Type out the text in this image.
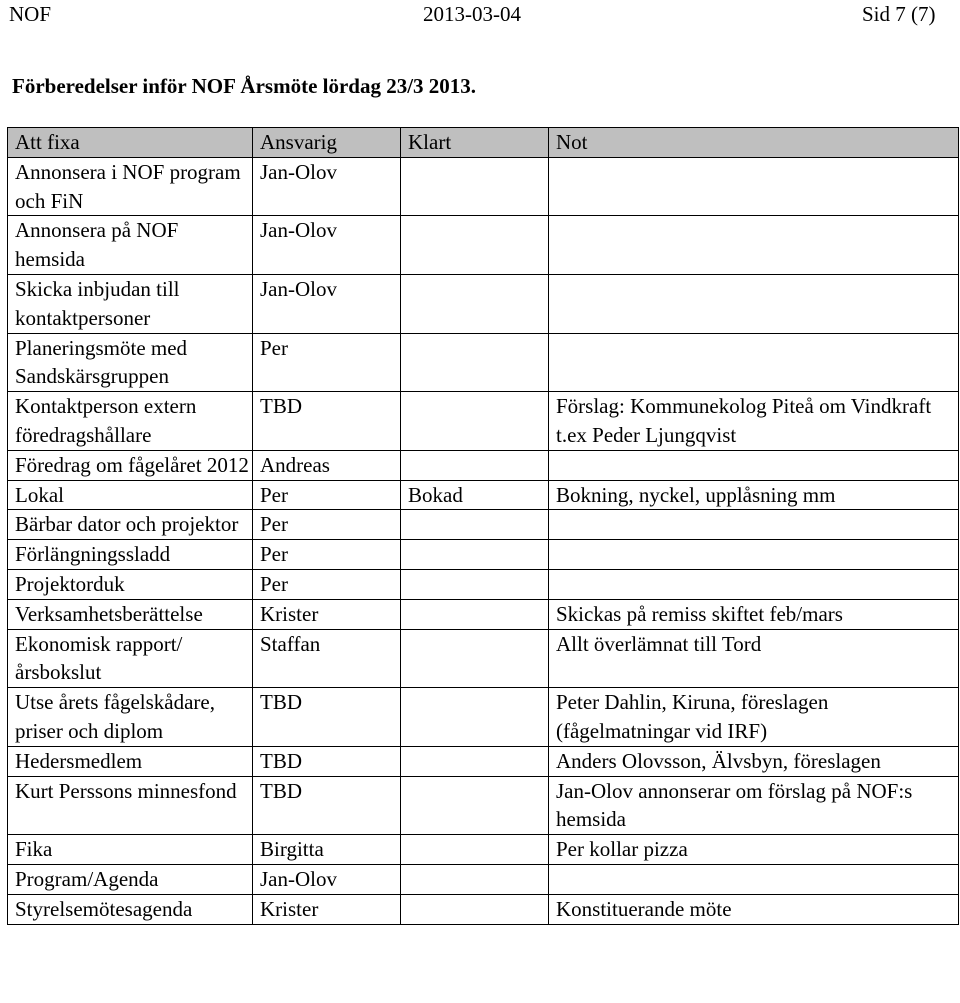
NOF	2013-03-04	Sid 7 (7)
Förberedelser inför NOF Årsmöte lördag 23/3 2013.
Att fixa	Ansvarig	Klart	Not
Annonsera i NOF program och FiN	Jan-Olov		
Annonsera på NOF hemsida	Jan-Olov		
Skicka inbjudan till kontaktpersoner	Jan-Olov		
Planeringsmöte med Sandskärsgruppen	Per		
Kontaktperson extern föredragshållare	TBD		Förslag: Kommunekolog Piteå om Vindkraft t.ex Peder Ljungqvist
Föredrag om fågelåret 2012	Andreas		
Lokal	Per	Bokad	Bokning, nyckel, upplåsning mm
Bärbar dator och projektor	Per		
Förlängningssladd	Per		
Projektorduk	Per		
Verksamhetsberättelse	Krister		Skickas på remiss skiftet feb/mars
Ekonomisk rapport/årsbokslut	Staffan		Allt överlämnat till Tord
Utse årets fågelskådare, priser och diplom	TBD		Peter Dahlin, Kiruna, föreslagen (fågelmatningar vid IRF)
Hedersmedlem	TBD		Anders Olovsson, Älvsbyn, föreslagen
Kurt Perssons minnesfond	TBD		Jan-Olov annonserar om förslag på NOF:s hemsida
Fika	Birgitta		Per kollar pizza
Program/Agenda	Jan-Olov		
Styrelsemötesagenda	Krister		Konstituerande möte
